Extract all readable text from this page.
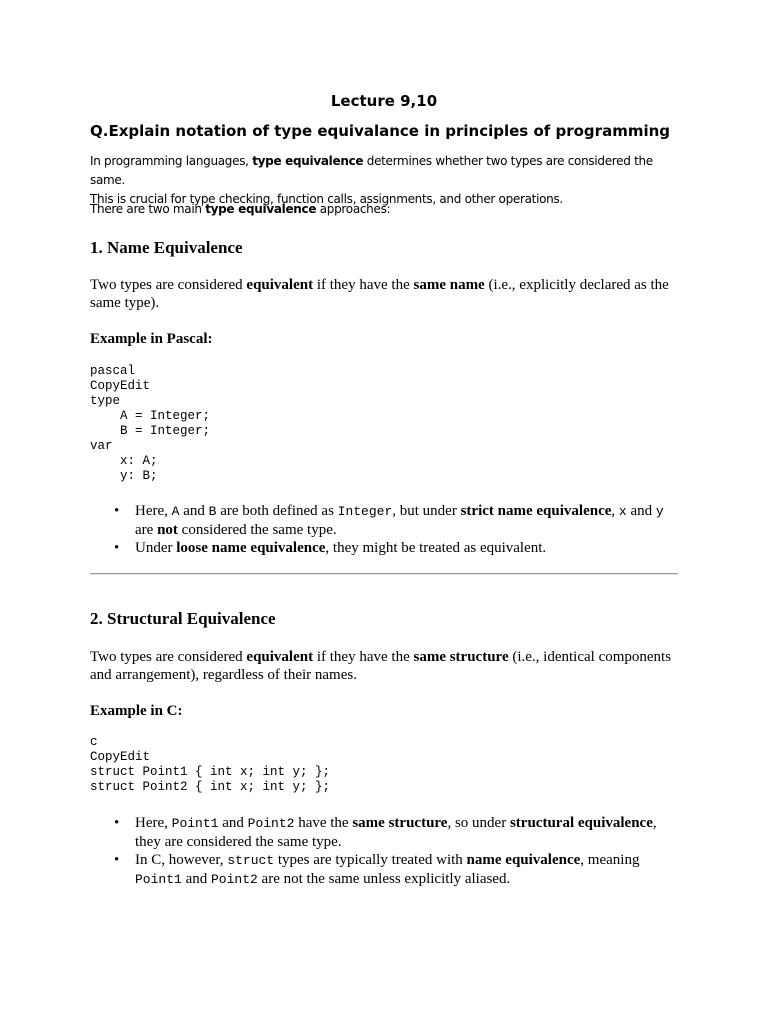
Lecture 9,10
Q.Explain notation of type equivalance in principles of programming

In programming languages, type equivalence determines whether two types are considered the same.
This is crucial for type checking, function calls, assignments, and other operations.

There are two main type equivalence approaches:

1. Name Equivalence

Two types are considered equivalent if they have the same name (i.e., explicitly declared as the same type).

Example in Pascal:
pascal
CopyEdit
type
A = Integer;
B = Integer;
var
x: A;
y: B;
• Here, A and B are both defined as Integer, but under strict name equivalence, x and y are not considered the same type.
• Under loose name equivalence, they might be treated as equivalent.
2. Structural Equivalence

Two types are considered equivalent if they have the same structure (i.e., identical components and arrangement), regardless of their names.

Example in C:
c
CopyEdit
struct Point1 { int x; int y; };
struct Point2 { int x; int y; };
• Here, Point1 and Point2 have the same structure, so under structural equivalence, they are considered the same type.
• In C, however, struct types are typically treated with name equivalence, meaning Point1 and Point2 are not the same unless explicitly aliased.
